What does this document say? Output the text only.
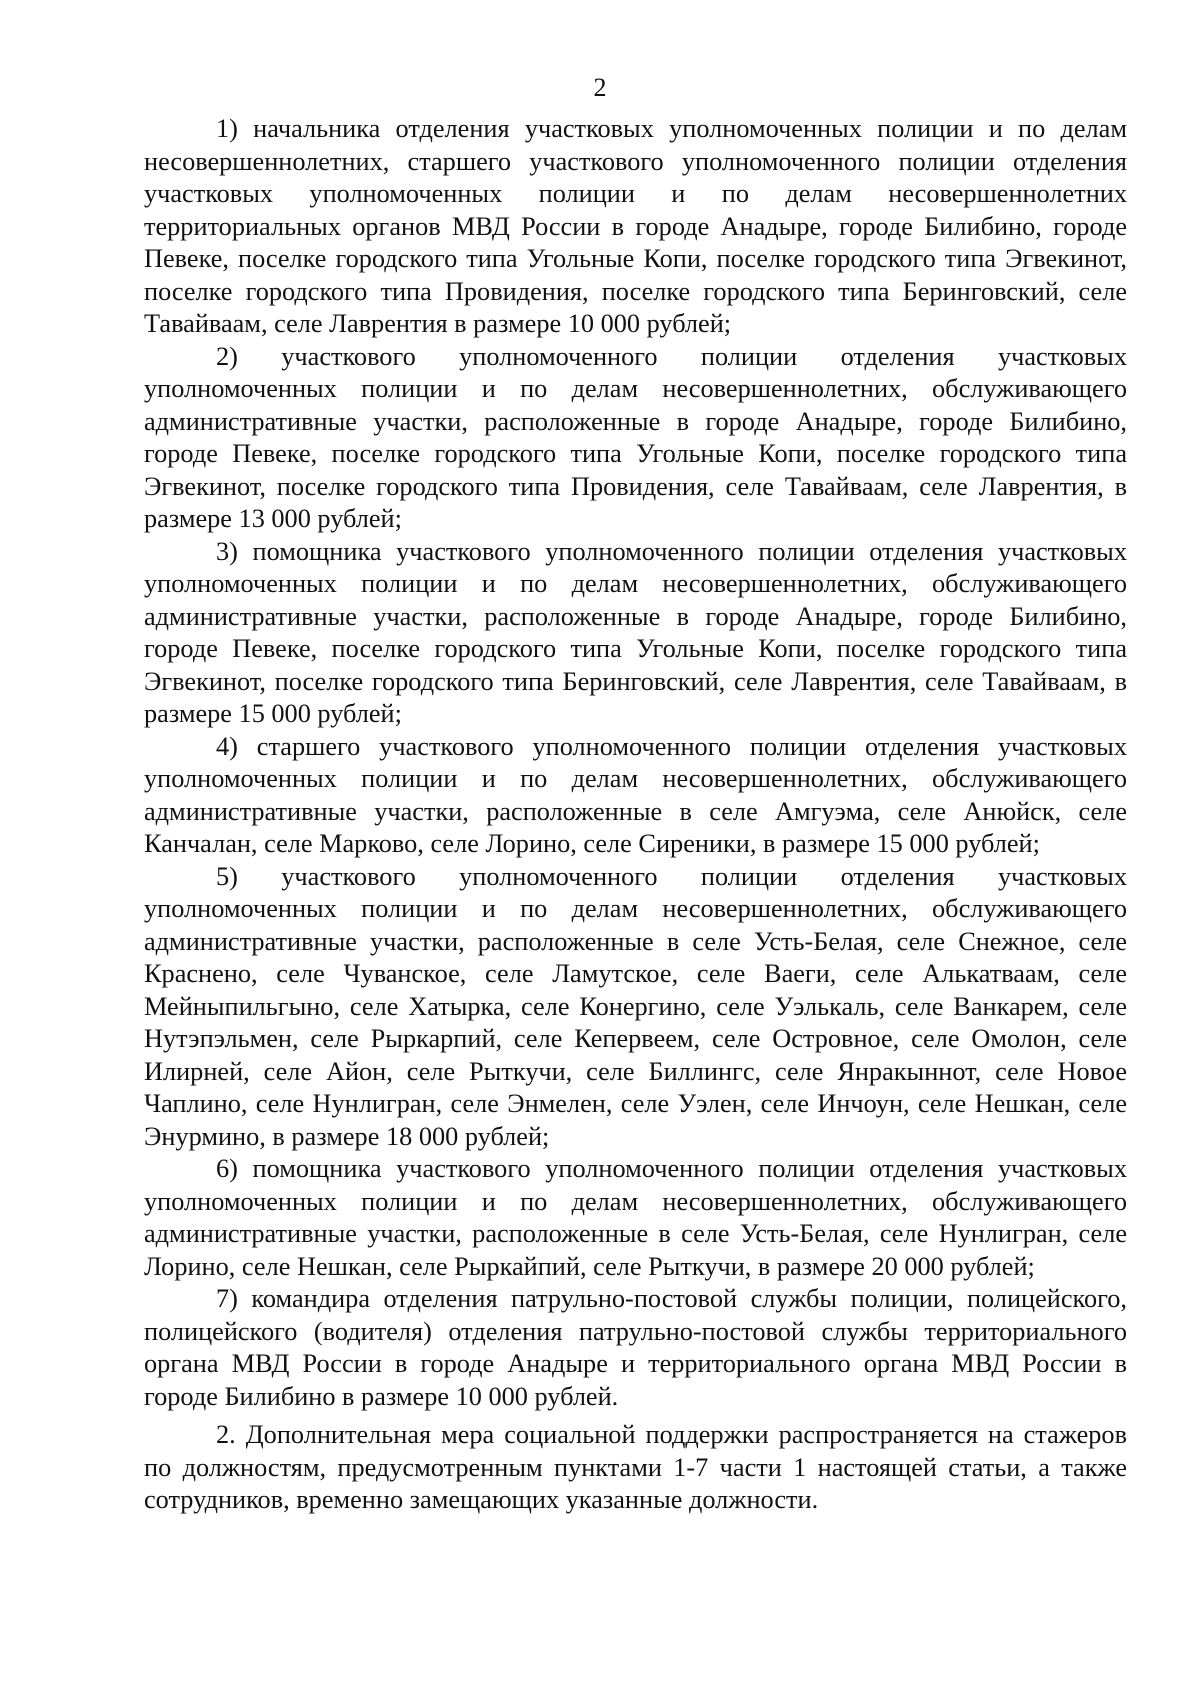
2

1) начальника отделения участковых уполномоченных полиции и по делам несовершеннолетних, старшего участкового уполномоченного полиции отделения участковых уполномоченных полиции и по делам несовершеннолетних территориальных органов МВД России в городе Анадыре, городе Билибино, городе Певеке, поселке городского типа Угольные Копи, поселке городского типа Эгвекинот, поселке городского типа Провидения, поселке городского типа Беринговский, селе Тавайваам, селе Лаврентия в размере 10 000 рублей;

2) участкового уполномоченного полиции отделения участковых уполномоченных полиции и по делам несовершеннолетних, обслуживающего административные участки, расположенные в городе Анадыре, городе Билибино, городе Певеке, поселке городского типа Угольные Копи, поселке городского типа Эгвекинот, поселке городского типа Провидения, селе Тавайваам, селе Лаврентия, в размере 13 000 рублей;

3) помощника участкового уполномоченного полиции отделения участковых уполномоченных полиции и по делам несовершеннолетних, обслуживающего административные участки, расположенные в городе Анадыре, городе Билибино, городе Певеке, поселке городского типа Угольные Копи, поселке городского типа Эгвекинот, поселке городского типа Беринговский, селе Лаврентия, селе Тавайваам, в размере 15 000 рублей;

4) старшего участкового уполномоченного полиции отделения участковых уполномоченных полиции и по делам несовершеннолетних, обслуживающего административные участки, расположенные в селе Амгуэма, селе Анюйск, селе Канчалан, селе Марково, селе Лорино, селе Сиреники, в размере 15 000 рублей;

5) участкового уполномоченного полиции отделения участковых уполномоченных полиции и по делам несовершеннолетних, обслуживающего административные участки, расположенные в селе Усть-Белая, селе Снежное, селе Краснено, селе Чуванское, селе Ламутское, селе Ваеги, селе Алькатваам, селе Мейныпильгыно, селе Хатырка, селе Конергино, селе Уэлькаль, селе Ванкарем, селе Нутэпэльмен, селе Рыркарпий, селе Кепервеем, селе Островное, селе Омолон, селе Илирней, селе Айон, селе Рыткучи, селе Биллингс, селе Янракыннот, селе Новое Чаплино, селе Нунлигран, селе Энмелен, селе Уэлен, селе Инчоун, селе Нешкан, селе Энурмино, в размере 18 000 рублей;

6) помощника участкового уполномоченного полиции отделения участковых уполномоченных полиции и по делам несовершеннолетних, обслуживающего административные участки, расположенные в селе Усть-Белая, селе Нунлигран, селе Лорино, селе Нешкан, селе Рыркайпий, селе Рыткучи, в размере 20 000 рублей;

7) командира отделения патрульно-постовой службы полиции, полицейского, полицейского (водителя) отделения патрульно-постовой службы территориального органа МВД России в городе Анадыре и территориального органа МВД России в городе Билибино в размере 10 000 рублей.

2. Дополнительная мера социальной поддержки распространяется на стажеров по должностям, предусмотренным пунктами 1-7 части 1 настоящей статьи, а также сотрудников, временно замещающих указанные должности.
